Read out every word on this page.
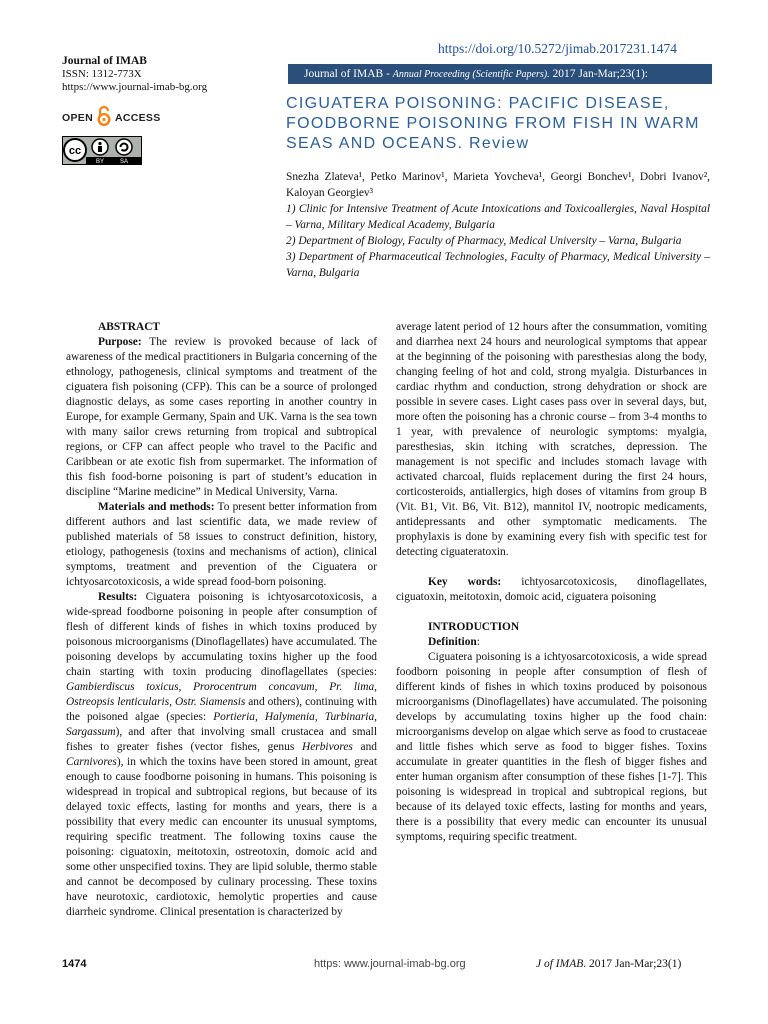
https://doi.org/10.5272/jimab.2017231.1474
Journal of IMAB
ISSN: 1312-773X
https://www.journal-imab-bg.org
OPEN ACCESS
cc
BY	SA
Journal of IMAB - Annual Proceeding (Scientific Papers). 2017 Jan-Mar;23(1):
CIGUATERA POISONING: PACIFIC DISEASE, FOODBORNE POISONING FROM FISH IN WARM SEAS AND OCEANS. Review

Snezha Zlateva¹, Petko Marinov¹, Marieta Yovcheva¹, Georgi Bonchev¹, Dobri Ivanov², Kaloyan Georgiev³

1) Clinic for Intensive Treatment of Acute Intoxications and Toxicoallergies, Naval Hospital – Varna, Military Medical Academy, Bulgaria

2) Department of Biology, Faculty of Pharmacy, Medical University – Varna, Bulgaria

3) Department of Pharmaceutical Technologies, Faculty of Pharmacy, Medical University – Varna, Bulgaria

ABSTRACT

Purpose: The review is provoked because of lack of awareness of the medical practitioners in Bulgaria concerning of the ethnology, pathogenesis, clinical symptoms and treatment of the ciguatera fish poisoning (CFP). This can be a source of prolonged diagnostic delays, as some cases reporting in another country in Europe, for example Germany, Spain and UK. Varna is the sea town with many sailor crews returning from tropical and subtropical regions, or CFP can affect people who travel to the Pacific and Caribbean or ate exotic fish from supermarket. The information of this fish food-borne poisoning is part of student’s education in discipline “Marine medicine” in Medical University, Varna.

Materials and methods: To present better information from different authors and last scientific data, we made review of published materials of 58 issues to construct definition, history, etiology, pathogenesis (toxins and mechanisms of action), clinical symptoms, treatment and prevention of the Ciguatera or ichtyosarcotoxicosis, a wide spread food-born poisoning.

Results: Ciguatera poisoning is ichtyosarcotoxicosis, a wide-spread foodborne poisoning in people after consumption of flesh of different kinds of fishes in which toxins produced by poisonous microorganisms (Dinoflagellates) have accumulated. The poisoning develops by accumulating toxins higher up the food chain starting with toxin producing dinoflagellates (species: Gambierdiscus toxicus, Prorocentrum concavum, Pr. lima, Ostreopsis lenticularis, Ostr. Siamensis and others), continuing with the poisoned algae (species: Portieria, Halymenia, Turbinaria, Sargassum), and after that involving small crustacea and small fishes to greater fishes (vector fishes, genus Herbivores and Carnivores), in which the toxins have been stored in amount, great enough to cause foodborne poisoning in humans. This poisoning is widespread in tropical and subtropical regions, but because of its delayed toxic effects, lasting for months and years, there is a possibility that every medic can encounter its unusual symptoms, requiring specific treatment. The following toxins cause the poisoning: ciguatoxin, meitotoxin, ostreotoxin, domoic acid and some other unspecified toxins. They are lipid soluble, thermo stable and cannot be decomposed by culinary processing. These toxins have neurotoxic, cardiotoxic, hemolytic properties and cause diarrheic syndrome. Clinical presentation is characterized by

average latent period of 12 hours after the consummation, vomiting and diarrhea next 24 hours and neurological symptoms that appear at the beginning of the poisoning with paresthesias along the body, changing feeling of hot and cold, strong myalgia. Disturbances in cardiac rhythm and conduction, strong dehydration or shock are possible in severe cases. Light cases pass over in several days, but, more often the poisoning has a chronic course – from 3-4 months to 1 year, with prevalence of neurologic symptoms: myalgia, paresthesias, skin itching with scratches, depression. The management is not specific and includes stomach lavage with activated charcoal, fluids replacement during the first 24 hours, corticosteroids, antiallergics, high doses of vitamins from group B (Vit. B1, Vit. B6, Vit. B12), mannitol IV, nootropic medicaments, antidepressants and other symptomatic medicaments. The prophylaxis is done by examining every fish with specific test for detecting ciguateratoxin.

Key words: ichtyosarcotoxicosis, dinoflagellates, ciguatoxin, meitotoxin, domoic acid, ciguatera poisoning

INTRODUCTION

Definition:

Ciguatera poisoning is a ichtyosarcotoxicosis, a wide spread foodborn poisoning in people after consumption of flesh of different kinds of fishes in which toxins produced by poisonous microorganisms (Dinoflagellates) have accumulated. The poisoning develops by accumulating toxins higher up the food chain: microorganisms develop on algae which serve as food to crustaceae and little fishes which serve as food to bigger fishes. Toxins accumulate in greater quantities in the flesh of bigger fishes and enter human organism after consumption of these fishes [1-7]. This poisoning is widespread in tropical and subtropical regions, but because of its delayed toxic effects, lasting for months and years, there is a possibility that every medic can encounter its unusual symptoms, requiring specific treatment.

1474	https: www.journal-imab-bg.org	J of IMAB. 2017 Jan-Mar;23(1)
